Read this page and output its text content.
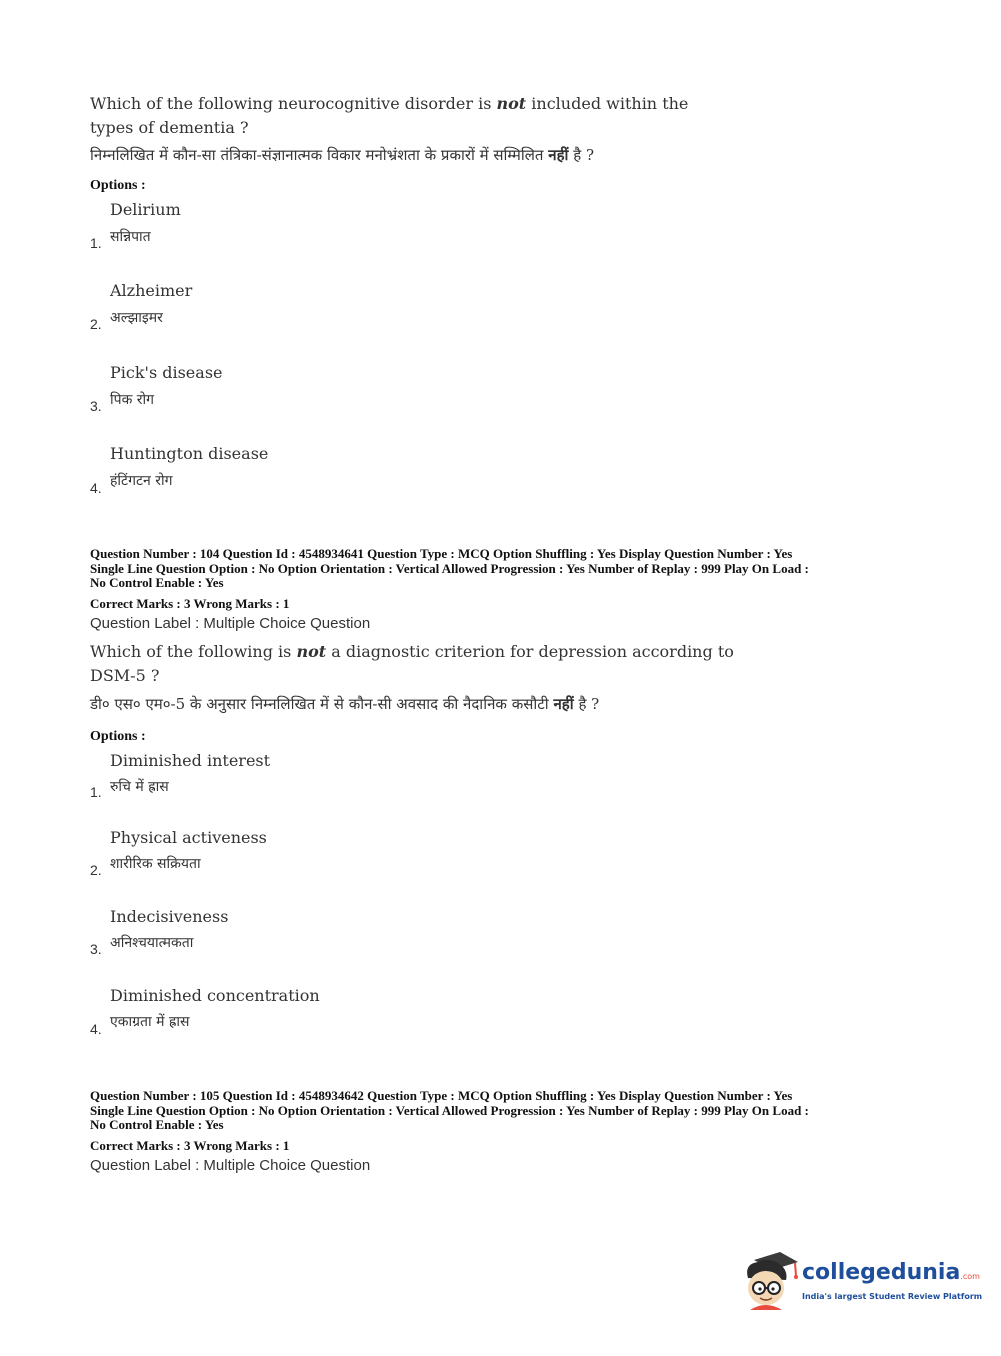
Which of the following neurocognitive disorder is not included within the
types of dementia ?
निम्नलिखित में कौन-सा तंत्रिका-संज्ञानात्मक विकार मनोभ्रंशता के प्रकारों में सम्मिलित नहीं है ?
Options :
Delirium
सन्निपात
1.
Alzheimer
अल्झाइमर
2.
Pick's disease
पिक रोग
3.
Huntington disease
हंटिंगटन रोग
4.
Question Number : 104 Question Id : 4548934641 Question Type : MCQ Option Shuffling : Yes Display Question Number : Yes
Single Line Question Option : No Option Orientation : Vertical Allowed Progression : Yes Number of Replay : 999 Play On Load :
No Control Enable : Yes
Correct Marks : 3 Wrong Marks : 1
Question Label : Multiple Choice Question
Which of the following is not a diagnostic criterion for depression according to
DSM-5 ?
डी० एस० एम०-5 के अनुसार निम्नलिखित में से कौन-सी अवसाद की नैदानिक कसौटी नहीं है ?
Options :
Diminished interest
रुचि में ह्रास
1.
Physical activeness
शारीरिक सक्रियता
2.
Indecisiveness
अनिश्चयात्मकता
3.
Diminished concentration
एकाग्रता में ह्रास
4.
Question Number : 105 Question Id : 4548934642 Question Type : MCQ Option Shuffling : Yes Display Question Number : Yes
Single Line Question Option : No Option Orientation : Vertical Allowed Progression : Yes Number of Replay : 999 Play On Load :
No Control Enable : Yes
Correct Marks : 3 Wrong Marks : 1
Question Label : Multiple Choice Question
collegedunia.com
India's largest Student Review Platform
